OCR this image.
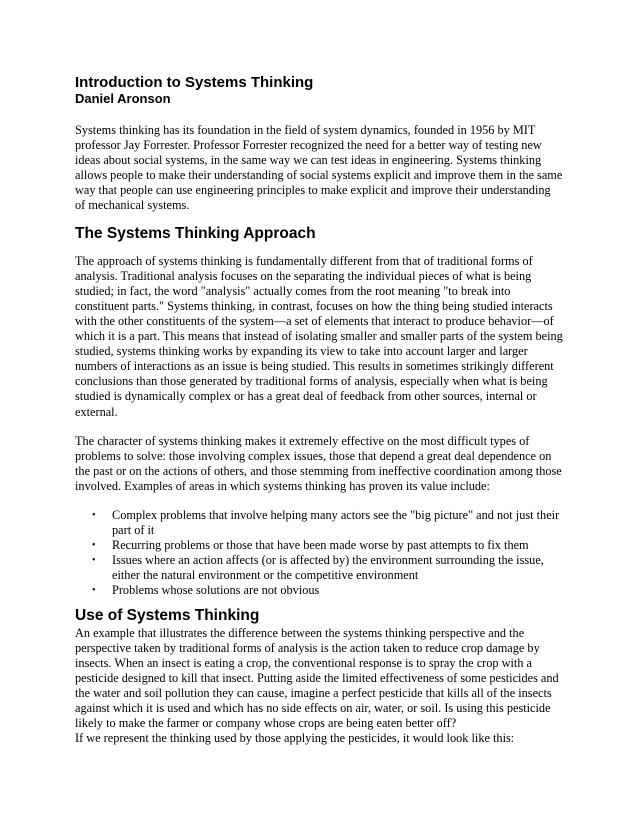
Introduction to Systems Thinking
Daniel Aronson

Systems thinking has its foundation in the field of system dynamics, founded in 1956 by MIT professor Jay Forrester. Professor Forrester recognized the need for a better way of testing new ideas about social systems, in the same way we can test ideas in engineering. Systems thinking allows people to make their understanding of social systems explicit and improve them in the same way that people can use engineering principles to make explicit and improve their understanding of mechanical systems.

The Systems Thinking Approach

The approach of systems thinking is fundamentally different from that of traditional forms of analysis. Traditional analysis focuses on the separating the individual pieces of what is being studied; in fact, the word "analysis" actually comes from the root meaning "to break into constituent parts." Systems thinking, in contrast, focuses on how the thing being studied interacts with the other constituents of the system—a set of elements that interact to produce behavior—of which it is a part. This means that instead of isolating smaller and smaller parts of the system being studied, systems thinking works by expanding its view to take into account larger and larger numbers of interactions as an issue is being studied. This results in sometimes strikingly different conclusions than those generated by traditional forms of analysis, especially when what is being studied is dynamically complex or has a great deal of feedback from other sources, internal or external.

The character of systems thinking makes it extremely effective on the most difficult types of problems to solve: those involving complex issues, those that depend a great deal dependence on the past or on the actions of others, and those stemming from ineffective coordination among those involved. Examples of areas in which systems thinking has proven its value include:

• Complex problems that involve helping many actors see the "big picture" and not just their part of it
• Recurring problems or those that have been made worse by past attempts to fix them
• Issues where an action affects (or is affected by) the environment surrounding the issue, either the natural environment or the competitive environment
• Problems whose solutions are not obvious
Use of Systems Thinking

An example that illustrates the difference between the systems thinking perspective and the perspective taken by traditional forms of analysis is the action taken to reduce crop damage by insects. When an insect is eating a crop, the conventional response is to spray the crop with a pesticide designed to kill that insect. Putting aside the limited effectiveness of some pesticides and the water and soil pollution they can cause, imagine a perfect pesticide that kills all of the insects against which it is used and which has no side effects on air, water, or soil. Is using this pesticide likely to make the farmer or company whose crops are being eaten better off?

If we represent the thinking used by those applying the pesticides, it would look like this:
